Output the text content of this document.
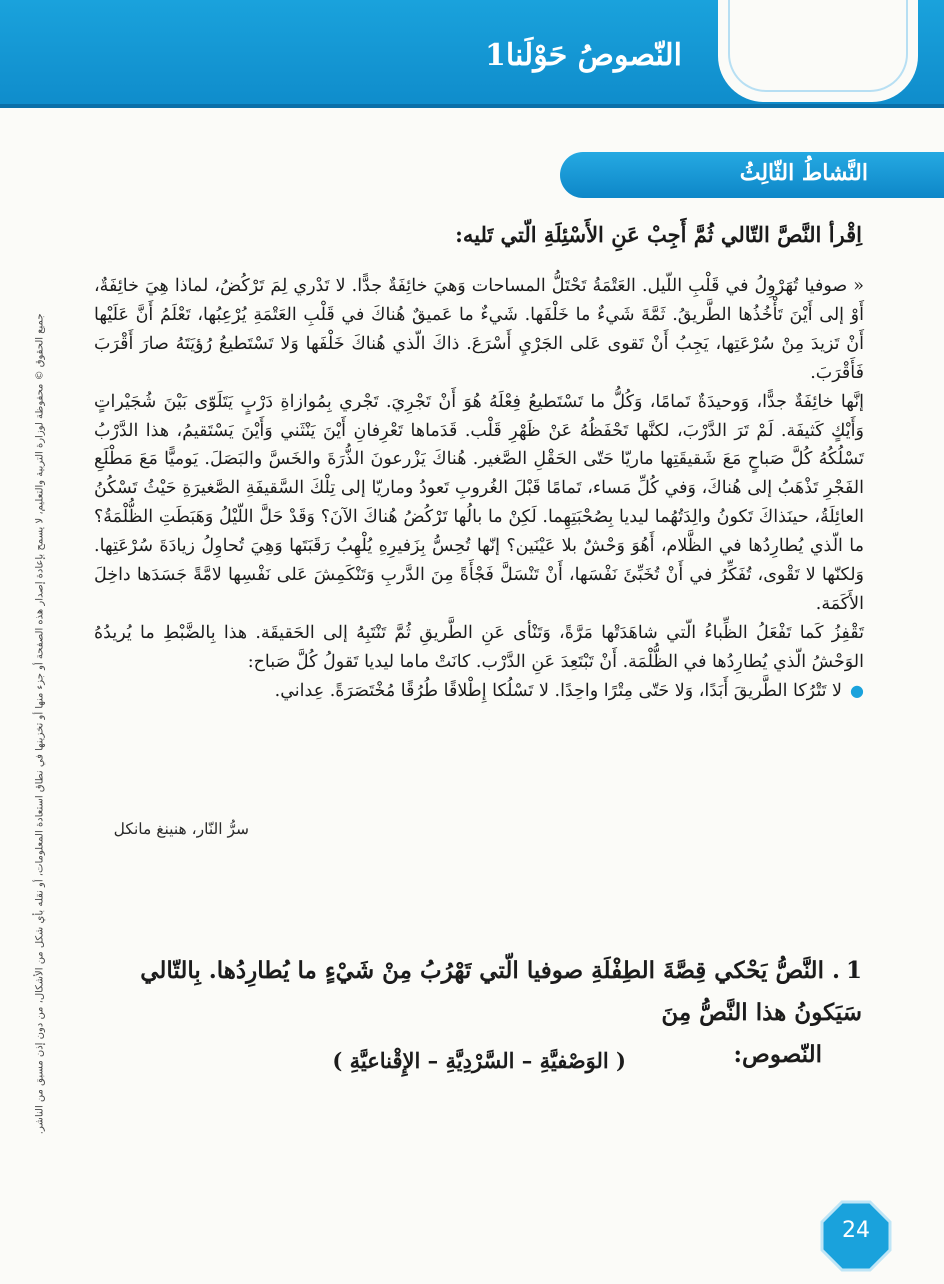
النّصوصُ حَوْلَنا1
النَّشاطُ الثّالِثُ

اِقْرأ النَّصَّ التّالي ثُمَّ أَجِبْ عَنِ الأَسْئِلَةِ الّتي تَليه:

« صوفيا تُهَرْوِلُ في قَلْبِ اللّيل. العَتْمَةُ تَحْتَلُّ المساحات وَهيَ خائِفَةٌ جدًّا. لا تَدْري لِمَ تَرْكُضُ، لماذا هِيَ خائِفَةٌ، أَوْ إلى أَيْنَ تَأْخُذُها الطَّريقُ. ثَمَّةَ شَيءٌ ما خَلْفَها. شَيءٌ ما عَميقٌ هُناكَ في قَلْبِ العَتْمَةِ يُرْعِبُها، تَعْلَمُ أَنَّ عَلَيْها أَنْ تَزيدَ مِنْ سُرْعَتِها، يَجِبُ أَنْ تَقوى عَلى الجَرْيِ أَسْرَعَ. ذاكَ الّذي هُناكَ خَلْفَها وَلا تَسْتَطيعُ رُؤيَتَهُ صارَ أَقْرَبَ فَأَقْرَبَ.

إنَّها خائِفَةٌ جدًّا، وَوحيدَةٌ تَمامًا، وَكُلُّ ما تَسْتَطيعُ فِعْلَهُ هُوَ أَنْ تَجْرِيَ. تَجْري بِمُوازاةِ دَرْبٍ يَتَلَوّى بَيْنَ شُجَيْراتٍ وَأَيْكٍ كَثيفَة. لَمْ تَرَ الدَّرْبَ، لكنَّها تَحْفَظُهُ عَنْ ظَهْرِ قَلْب. قَدَماها تَعْرِفانِ أَيْنَ يَنْثَني وَأَيْنَ يَسْتَقيمُ، هذا الدَّرْبُ تَسْلُكُهُ كُلَّ صَباحٍ مَعَ شَقيقَتِها ماريّا حَتّى الحَقْلِ الصَّغير. هُناكَ يَزْرعونَ الذُّرَةَ والخَسَّ والبَصَلَ. يَوميًّا مَعَ مَطْلَعِ الفَجْرِ تَذْهَبُ إلى هُناكَ، وَفي كُلِّ مَساء، تَمامًا قَبْلَ الغُروبِ تَعودُ وماريّا إلى تِلْكَ السَّقيفَةِ الصَّغيرَةِ حَيْثُ تَسْكُنُ العائِلَةُ، حينَذاكَ تَكونُ والِدَتُهُما ليديا بِصُحْبَتِهِما. لَكِنْ ما بالُها تَرْكُضُ هُناكَ الآنَ؟ وَقَدْ حَلَّ اللّيْلُ وَهَبَطَتِ الظُّلْمَةُ؟ ما الّذي يُطارِدُها في الظَّلام، أَهُوَ وَحْشٌ بلا عَيْنَين؟ إنّها تُحِسُّ بِزَفيرِهِ يُلْهِبُ رَقَبَتَها وَهِيَ تُحاوِلُ زيادَةَ سُرْعَتِها. وَلكنّها لا تَقْوى، تُفَكِّرُ في أَنْ تُخَبِّئَ نَفْسَها، أَنْ تَنْسَلَّ فَجْأَةً مِنَ الدَّربِ وَتَنْكَمِشَ عَلى نَفْسِها لامَّةً جَسَدَها داخِلَ الأَكَمَة.

تَقْفِزُ كَما تَفْعَلُ الظِّباءُ الّتي شاهَدَتْها مَرَّةً، وَتَنْأى عَنِ الطَّريقِ ثُمَّ تَنْتَبِهُ إلى الحَقيقَة. هذا بِالضَّبْطِ ما يُريدُهُ الوَحْشُ الّذي يُطارِدُها في الظُّلْمَة. أَنْ تَبْتَعِدَ عَنِ الدَّرْب. كانَتْ ماما ليديا تَقولُ كُلَّ صَباح:

●لا تَتْرُكا الطَّريقَ أَبَدًا، وَلا حَتّى مِتْرًا واحِدًا. لا تَسْلُكا إِطْلاقًا طُرُقًا مُخْتَصَرَةً. عِداني.

سرُّ النّار، هنينغ مانكل

جميع الحقوق © محفوظة لوزارة التربية والتعليم، لا يسمح بإعادة إصدار هذه الصفحة أو جزء منها أو تخزينها في نطاق استعادة المعلومات، أو نقله بأي شكل من الأشكال، من دون إذن مسبق من الناشر.	1. النَّصُّ يَحْكي قِصَّةَ الطِفْلَةِ صوفيا الّتي تَهْرُبُ مِنْ شَيْءٍ ما يُطارِدُها. بِالتّالي سَيَكونُ هذا النَّصُّ مِنَ
النّصوص:

( الوَصْفيَّةِ – السَّرْدِيَّةِ – الإِقْناعيَّةِ )

24
